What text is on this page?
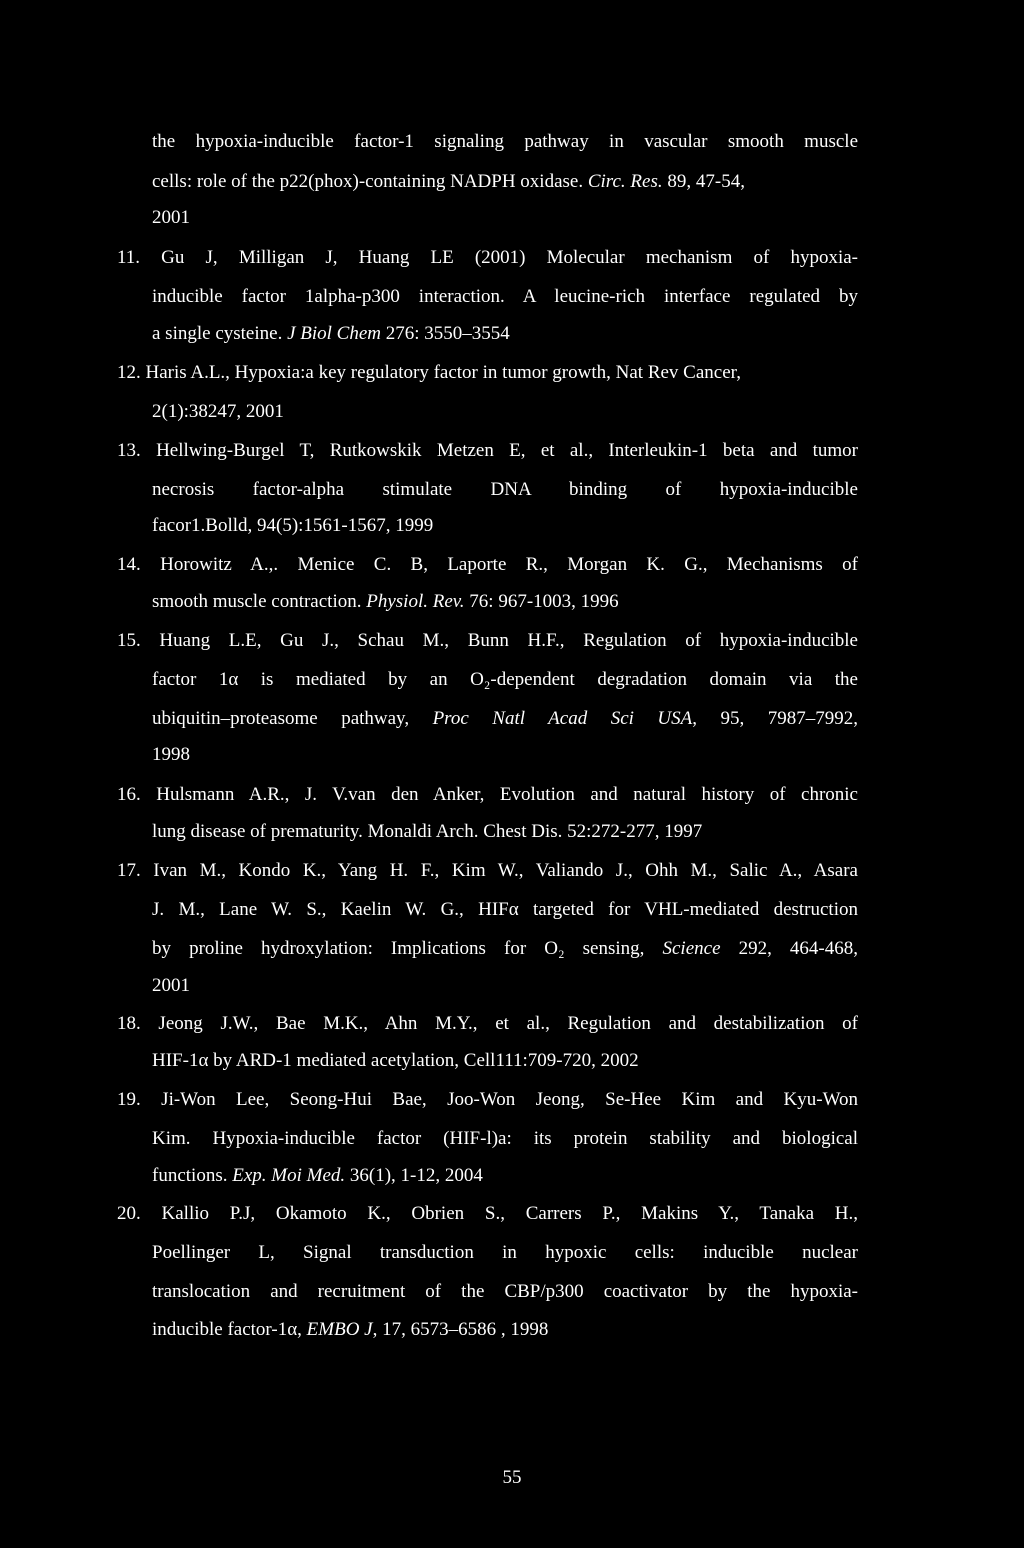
the hypoxia-inducible factor-1 signaling pathway in vascular smooth muscle
cells: role of the p22(phox)-containing NADPH oxidase. Circ. Res. 89, 47-54,
2001
11. Gu J, Milligan J, Huang LE (2001) Molecular mechanism of hypoxia-
inducible factor 1alpha-p300 interaction. A leucine-rich interface regulated by
a single cysteine. J Biol Chem 276: 3550–3554
12. Haris A.L., Hypoxia:a key regulatory factor in tumor growth, Nat Rev Cancer,
2(1):38247, 2001
13. Hellwing-Burgel T, Rutkowskik Metzen E, et al., Interleukin-1 beta and tumor
necrosis factor-alpha stimulate DNA binding of hypoxia-inducible
facor1.Bolld, 94(5):1561-1567, 1999
14. Horowitz A.,. Menice C. B, Laporte R., Morgan K. G., Mechanisms of
smooth muscle contraction. Physiol. Rev. 76: 967-1003, 1996
15. Huang L.E, Gu J., Schau M., Bunn H.F., Regulation of hypoxia-inducible
factor 1α is mediated by an O₂-dependent degradation domain via the
ubiquitin–proteasome pathway, Proc Natl Acad Sci USA, 95, 7987–7992,
1998
16. Hulsmann A.R., J. V.van den Anker, Evolution and natural history of chronic
lung disease of prematurity. Monaldi Arch. Chest Dis. 52:272-277, 1997
17. Ivan M., Kondo K., Yang H. F., Kim W., Valiando J., Ohh M., Salic A., Asara
J. M., Lane W. S., Kaelin W. G., HIFα targeted for VHL-mediated destruction
by proline hydroxylation: Implications for O₂ sensing, Science 292, 464-468,
2001
18. Jeong J.W., Bae M.K., Ahn M.Y., et al., Regulation and destabilization of
HIF-1α by ARD-1 mediated acetylation, Cell111:709-720, 2002
19. Ji-Won Lee, Seong-Hui Bae, Joo-Won Jeong, Se-Hee Kim and Kyu-Won
Kim. Hypoxia-inducible factor (HIF-l)a: its protein stability and biological
functions. Exp. Moi Med. 36(1), 1-12, 2004
20. Kallio P.J, Okamoto K., Obrien S., Carrers P., Makins Y., Tanaka H.,
Poellinger L, Signal transduction in hypoxic cells: inducible nuclear
translocation and recruitment of the CBP/p300 coactivator by the hypoxia-
inducible factor-1α, EMBO J, 17, 6573–6586 , 1998
55
